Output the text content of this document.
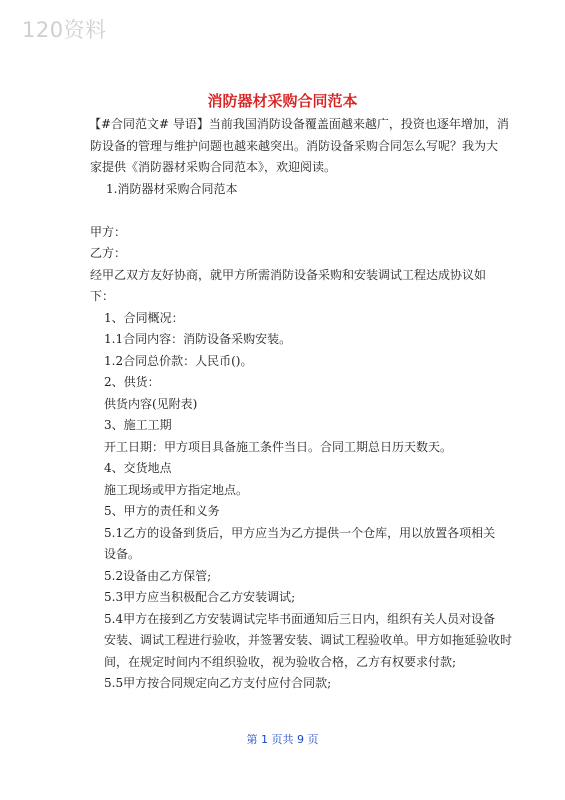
120资料
消防器材采购合同范本

【#合同范文# 导语】当前我国消防设备覆盖面越来越广，投资也逐年增加，消

防设备的管理与维护问题也越来越突出。消防设备采购合同怎么写呢？我为大

家提供《消防器材采购合同范本》，欢迎阅读。

1.消防器材采购合同范本

甲方：

乙方：

经甲乙双方友好协商，就甲方所需消防设备采购和安装调试工程达成协议如

下：

1、合同概况：

1.1合同内容：消防设备采购安装。

1.2合同总价款：人民币()。

2、供货：

供货内容(见附表)

3、施工工期

开工日期：甲方项目具备施工条件当日。合同工期总日历天数天。

4、交货地点

施工现场或甲方指定地点。

5、甲方的责任和义务

5.1乙方的设备到货后，甲方应当为乙方提供一个仓库，用以放置各项相关

设备。

5.2设备由乙方保管;

5.3甲方应当积极配合乙方安装调试;

5.4甲方在接到乙方安装调试完毕书面通知后三日内，组织有关人员对设备

安装、调试工程进行验收，并签署安装、调试工程验收单。甲方如拖延验收时

间，在规定时间内不组织验收，视为验收合格，乙方有权要求付款;

5.5甲方按合同规定向乙方支付应付合同款;

第 1 页共 9 页
